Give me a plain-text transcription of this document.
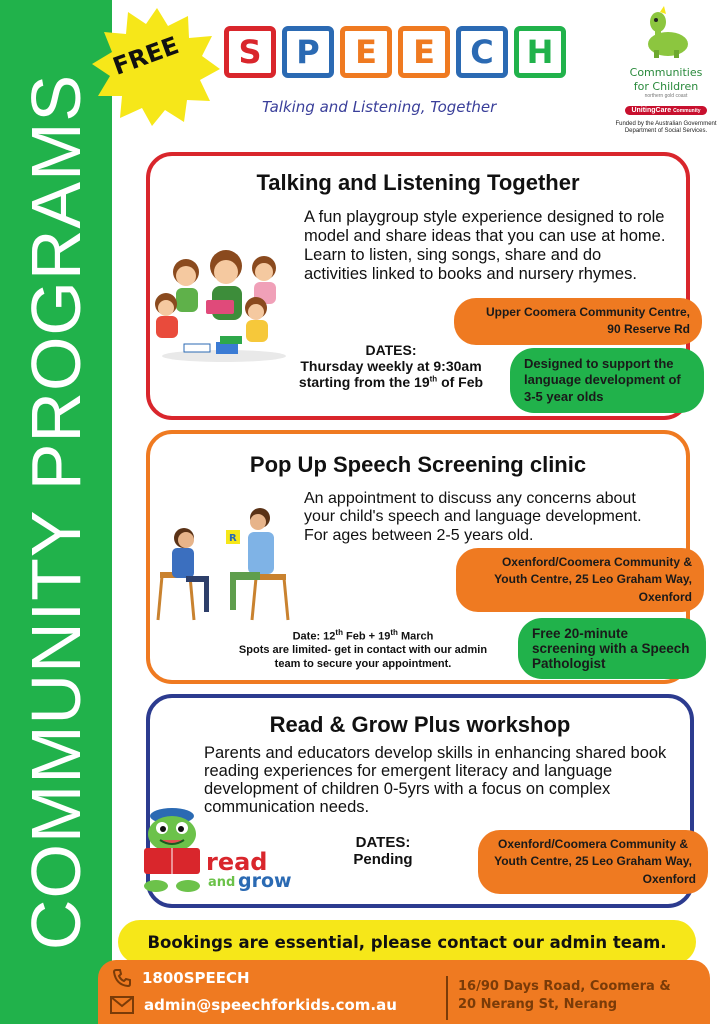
COMMUNITY PROGRAMS
FREE	S	P	E	E	C	H
Talking and Listening, Together
Communities
for Children
northern gold coast
UnitingCare Community
Funded by the Australian Government Department of Social Services.
Talking and Listening Together
A fun playgroup style experience designed to role model and share ideas that you can use at home. Learn to listen, sing songs, share and do activities linked to books and nursery rhymes.
DATES:
Thursday weekly at 9:30am
starting from the 19th of Feb
Upper Coomera Community Centre,
90 Reserve Rd
Designed to support the language development of 3-5 year olds
Pop Up Speech Screening clinic
An appointment to discuss any concerns about your child's speech and language development. For ages between 2-5 years old.
Date: 12th Feb + 19th March
Spots are limited- get in contact with our admin
team to secure your appointment.
R
Oxenford/Coomera Community &
Youth Centre, 25 Leo Graham Way,
Oxenford
Free 20-minute screening with a Speech Pathologist
Read & Grow Plus workshop
Parents and educators develop skills in enhancing shared book reading experiences for emergent literacy and language development of children 0-5yrs with a focus on complex communication needs.
DATES:
Pending
read
and grow
Oxenford/Coomera Community &
Youth Centre, 25 Leo Graham Way,
Oxenford
Bookings are essential, please contact our admin team.
1800SPEECH
admin@speechforkids.com.au
16/90 Days Road, Coomera &
20 Nerang St, Nerang
